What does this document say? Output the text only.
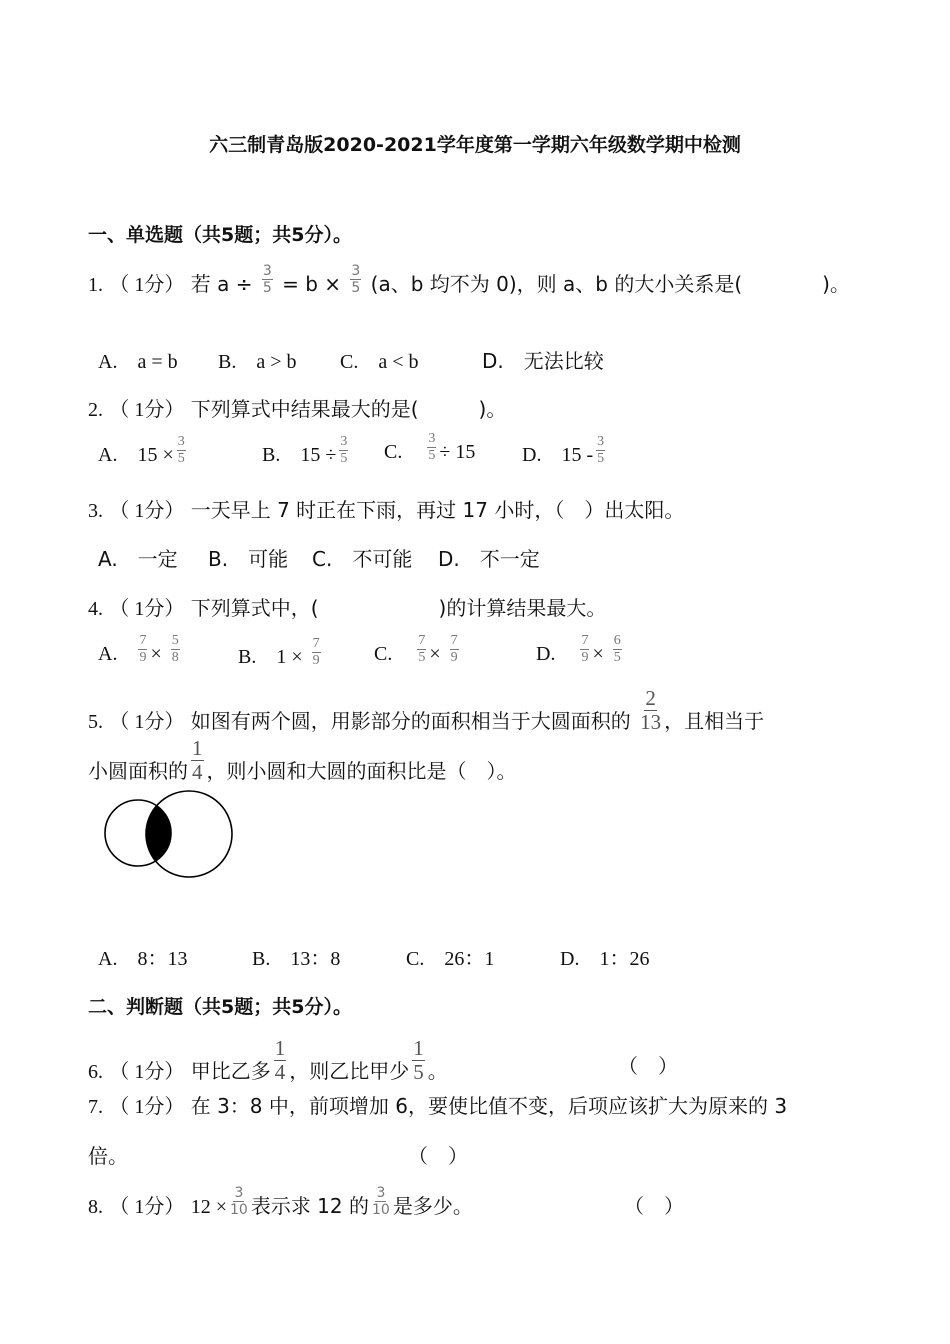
六三制青岛版2020-2021学年度第一学期六年级数学期中检测
一、单选题（共5题；共5分）。
1. （ 1分） 若 $a \div \frac{3}{5} = b \times \frac{3}{5} (a$、b 均不为 0)，则 a、b 的大小关系是(	)。
A.　a = b B.　a > b C.　a < b	D.　无法比较
2. （ 1分） 下列算式中结果最大的是(	)。
A.　$15 \times \frac{3}{5}$	B.　$15 \div \frac{3}{5} C$. $\frac{3}{5} \div 15$ D.　$15 - \frac{3}{5}$
3. （ 1分） 一天早上 7 时正在下雨，再过 17 小时，（　）出太阳。
A.　一定 B.　可能 C.　不可能 D.　不一定
4. （ 1分） 下列算式中，(	)的计算结果最大。
A. $\frac{7}{9} \times \frac{5}{8}$	B.　$1 \times \frac{7}{9}$	C. $\frac{7}{5} \times \frac{7}{9}$	D. $\frac{7}{9} \times \frac{6}{5}$
5. （ 1分） 如图有两个圆，用影部分的面积相当于大圆面积的 $\frac{2}{13}$ ，且相当于
小圆面积的 $\frac{1}{4}$ ，则小圆和大圆的面积比是（　）。
A.　8：13	B.　13：8	C.　26：1	D.　1：26
二、判断题（共5题；共5分）。
6. （ 1分） 甲比乙多 $\frac{1}{4}$ ，则乙比甲少 $\frac{1}{5}$ 。	（　）
7. （ 1分） 在 3：8 中，前项增加 6，要使比值不变，后项应该扩大为原来的 3
倍。	（　）
8. （ 1分） $12 \times \frac{3}{10}$ 表示求 12 的 $\frac{3}{10}$ 是多少。	（　）
